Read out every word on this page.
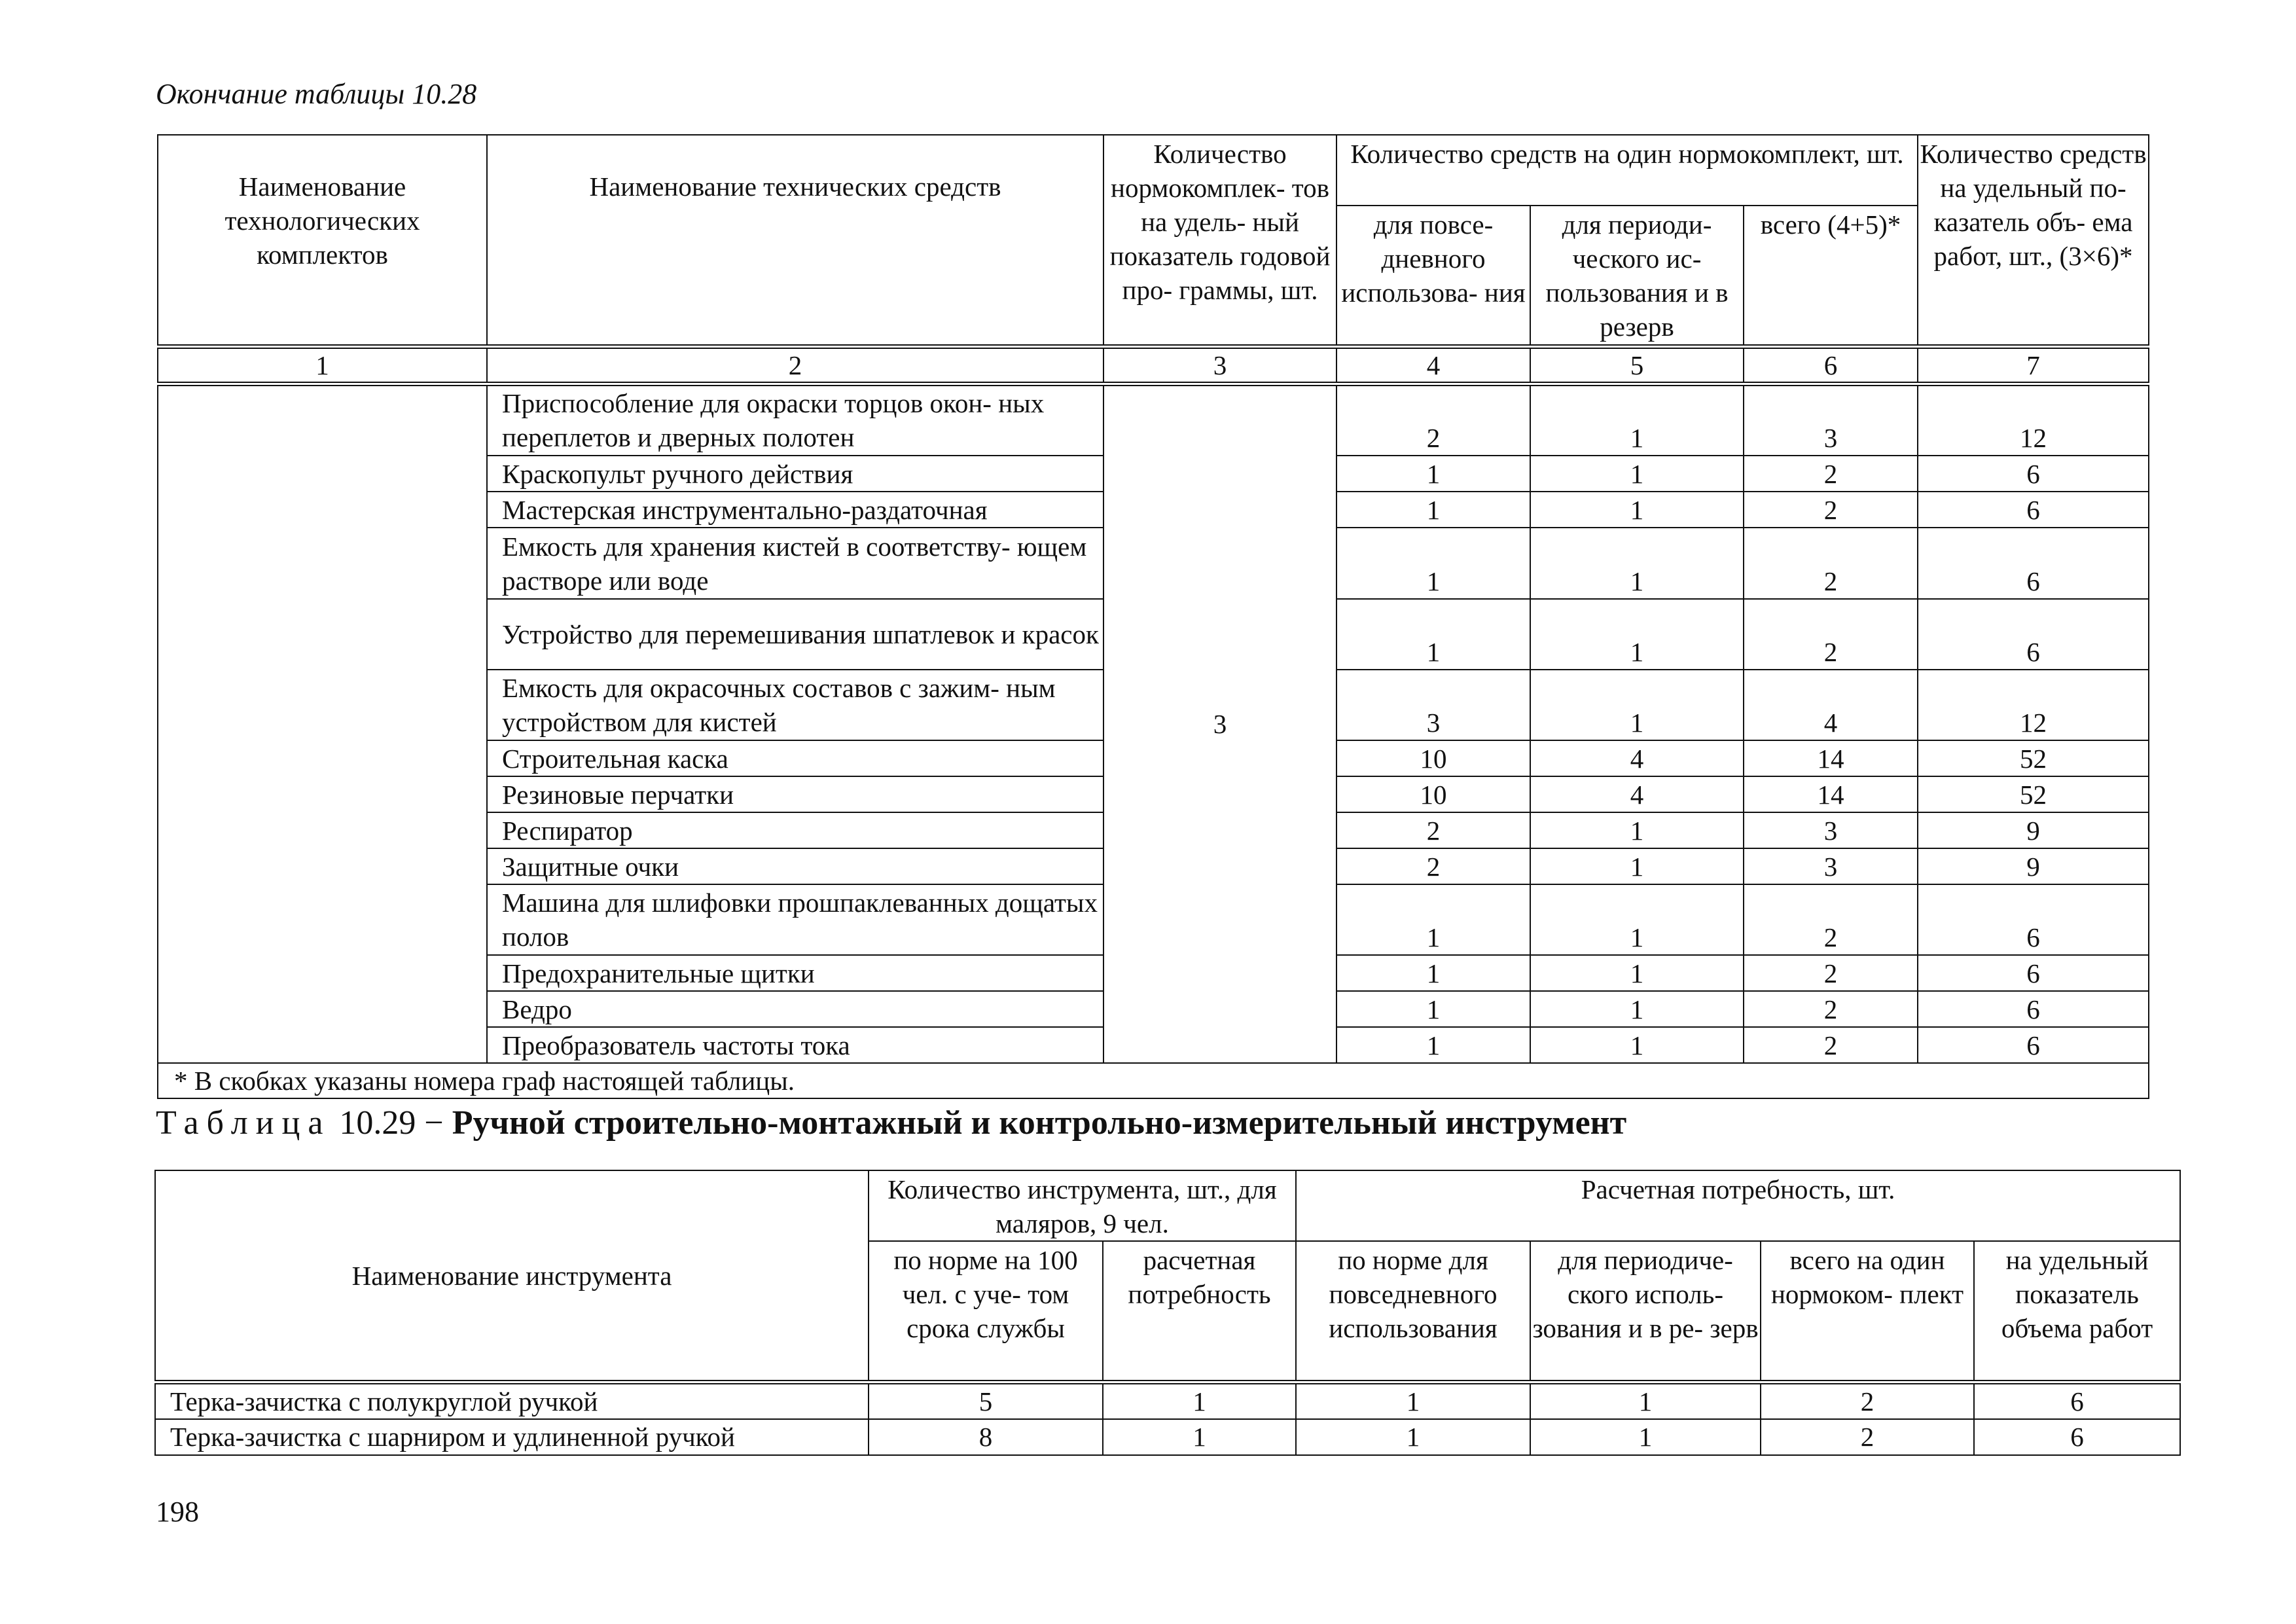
Окончание таблицы 10.28
Наименование технологических комплектов	Наименование технических средств	Количество нормокомплек- тов на удель- ный показатель годовой про- граммы, шт.	Количество средств на один нормокомплект, шт.			Количество средств на удельный по- казатель объ- ема работ, шт., (3×6)*
			для повсе- дневного использова- ния	для периоди- ческого ис- пользования и в резерв	всего (4+5)*	
1	2	3	4	5	6	7
	Приспособление для окраски торцов окон- ных переплетов и дверных полотен	3	2	1	3	12
	Краскопульт ручного действия		1	1	2	6
	Мастерская инструментально-раздаточная		1	1	2	6
	Емкость для хранения кистей в соответству- ющем растворе или воде		1	1	2	6
	Устройство для перемешивания шпатлевок и красок		1	1	2	6
	Емкость для окрасочных составов с зажим- ным устройством для кистей		3	1	4	12
	Строительная каска		10	4	14	52
	Резиновые перчатки		10	4	14	52
	Респиратор		2	1	3	9
	Защитные очки		2	1	3	9
	Машина для шлифовки прошпаклеванных дощатых полов		1	1	2	6
	Предохранительные щитки		1	1	2	6
	Ведро		1	1	2	6
	Преобразователь частоты тока		1	1	2	6
* В скобках указаны номера граф настоящей таблицы.						
Таблица 10.29 − Ручной строительно-монтажный и контрольно-измерительный инструмент
Наименование инструмента	Количество инструмента, шт., для маляров, 9 чел.		Расчетная потребность, шт.			
	по норме на 100 чел. с уче- том срока службы	расчетная потребность	по норме для повседневного использования	для периодиче- ского исполь- зования и в ре- зерв	всего на один нормоком- плект	на удельный показатель объема работ
Терка-зачистка с полукруглой ручкой	5	1	1	1	2	6
Терка-зачистка с шарниром и удлиненной ручкой	8	1	1	1	2	6
198
